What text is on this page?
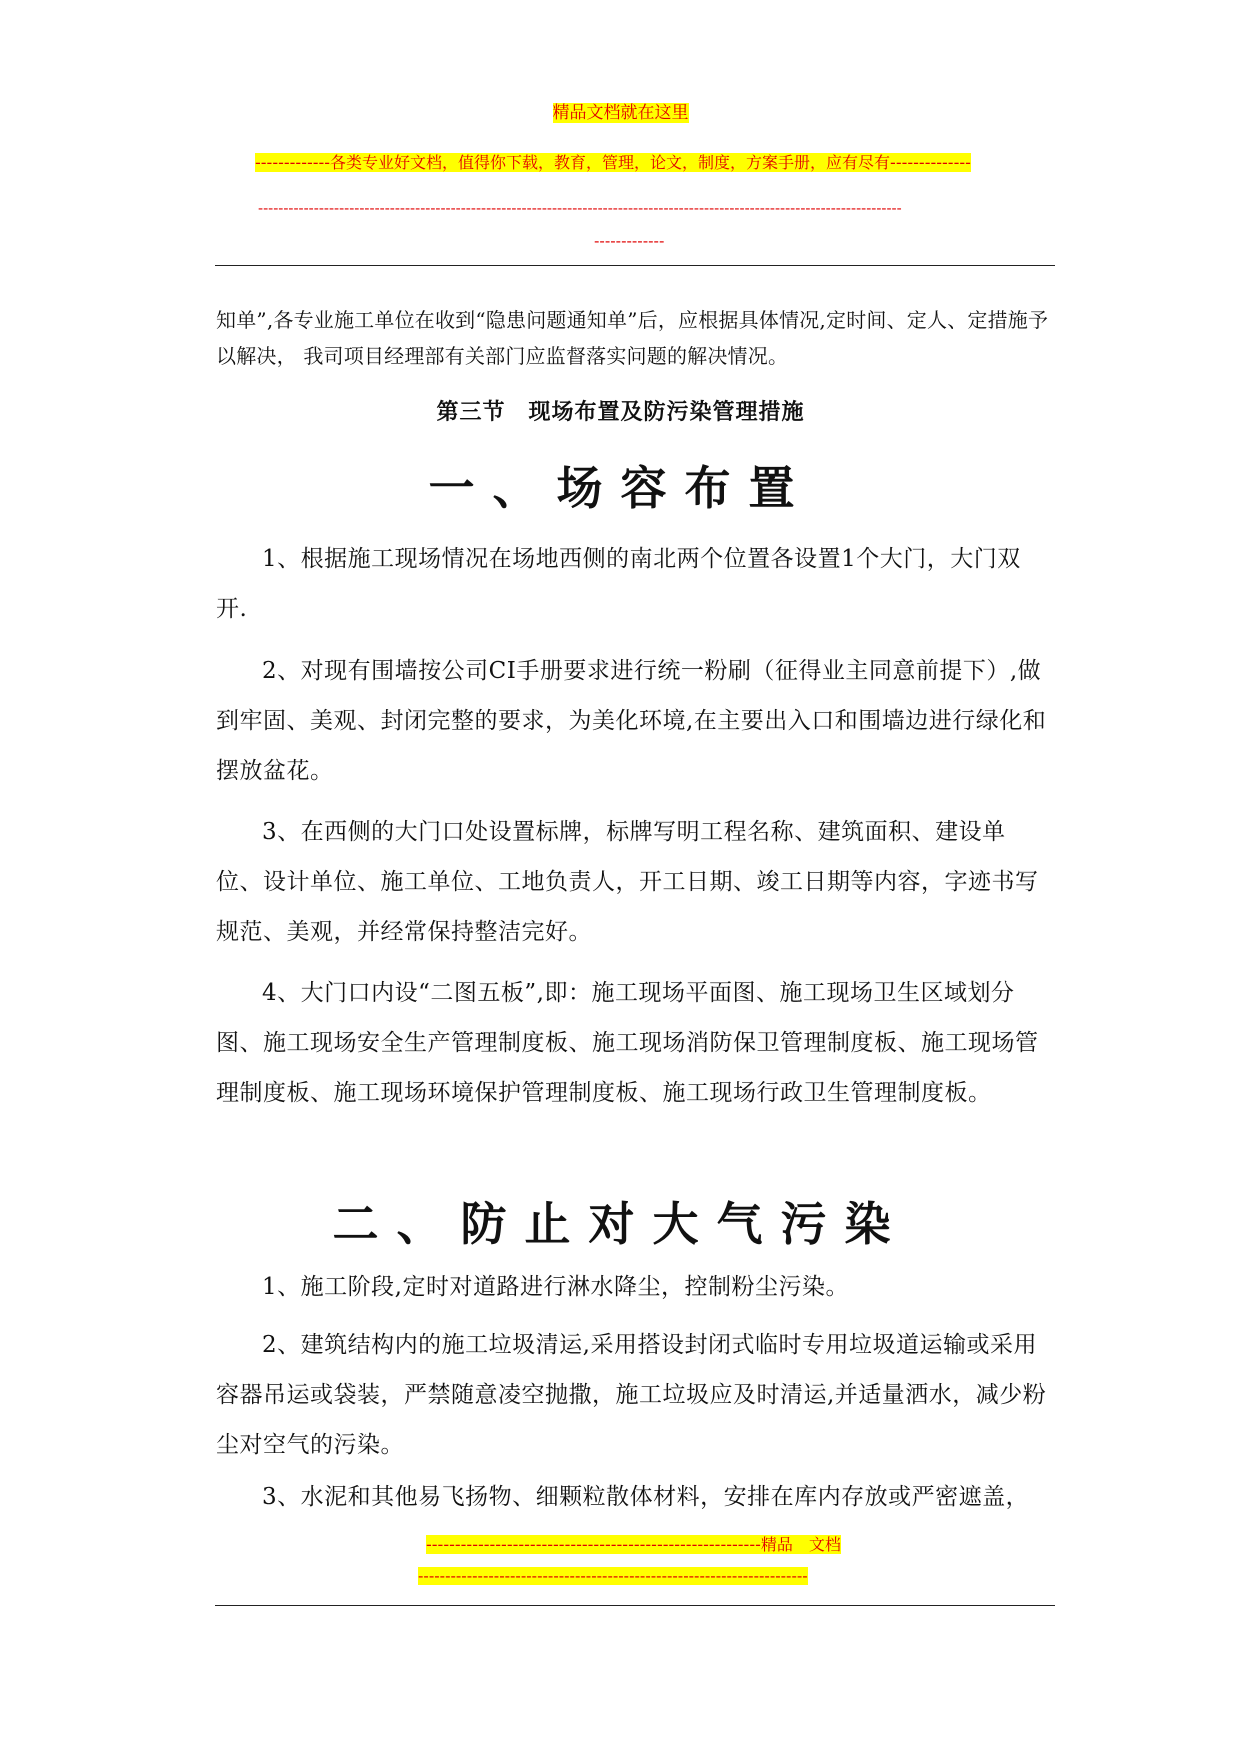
精品文档就在这里
-------------各类专业好文档，值得你下载，教育，管理，论文，制度，方案手册，应有尽有--------------
-------------------------------------------------------------------------------------------------------------------------------
-------------
知单”,各专业施工单位在收到“隐患问题通知单”后，应根据具体情况,定时间、定人、定措施予以解决， 我司项目经理部有关部门应监督落实问题的解决情况。
第三节　现场布置及防污染管理措施
一、场容布置
1、根据施工现场情况在场地西侧的南北两个位置各设置1个大门，大门双开.
2、对现有围墙按公司CI手册要求进行统一粉刷（征得业主同意前提下）,做到牢固、美观、封闭完整的要求，为美化环境,在主要出入口和围墙边进行绿化和摆放盆花。
3、在西侧的大门口处设置标牌，标牌写明工程名称、建筑面积、建设单位、设计单位、施工单位、工地负责人，开工日期、竣工日期等内容，字迹书写规范、美观，并经常保持整洁完好。
4、大门口内设“二图五板”,即：施工现场平面图、施工现场卫生区域划分图、施工现场安全生产管理制度板、施工现场消防保卫管理制度板、施工现场管理制度板、施工现场环境保护管理制度板、施工现场行政卫生管理制度板。
二、防止对大气污染
1、施工阶段,定时对道路进行淋水降尘，控制粉尘污染。
2、建筑结构内的施工垃圾清运,采用搭设封闭式临时专用垃圾道运输或采用容器吊运或袋装，严禁随意凌空抛撒，施工垃圾应及时清运,并适量洒水，减少粉尘对空气的污染。
3、水泥和其他易飞扬物、细颗粒散体材料，安排在库内存放或严密遮盖，
----------------------------------------------------------精品　文档
------------------------------------------------------------------------
